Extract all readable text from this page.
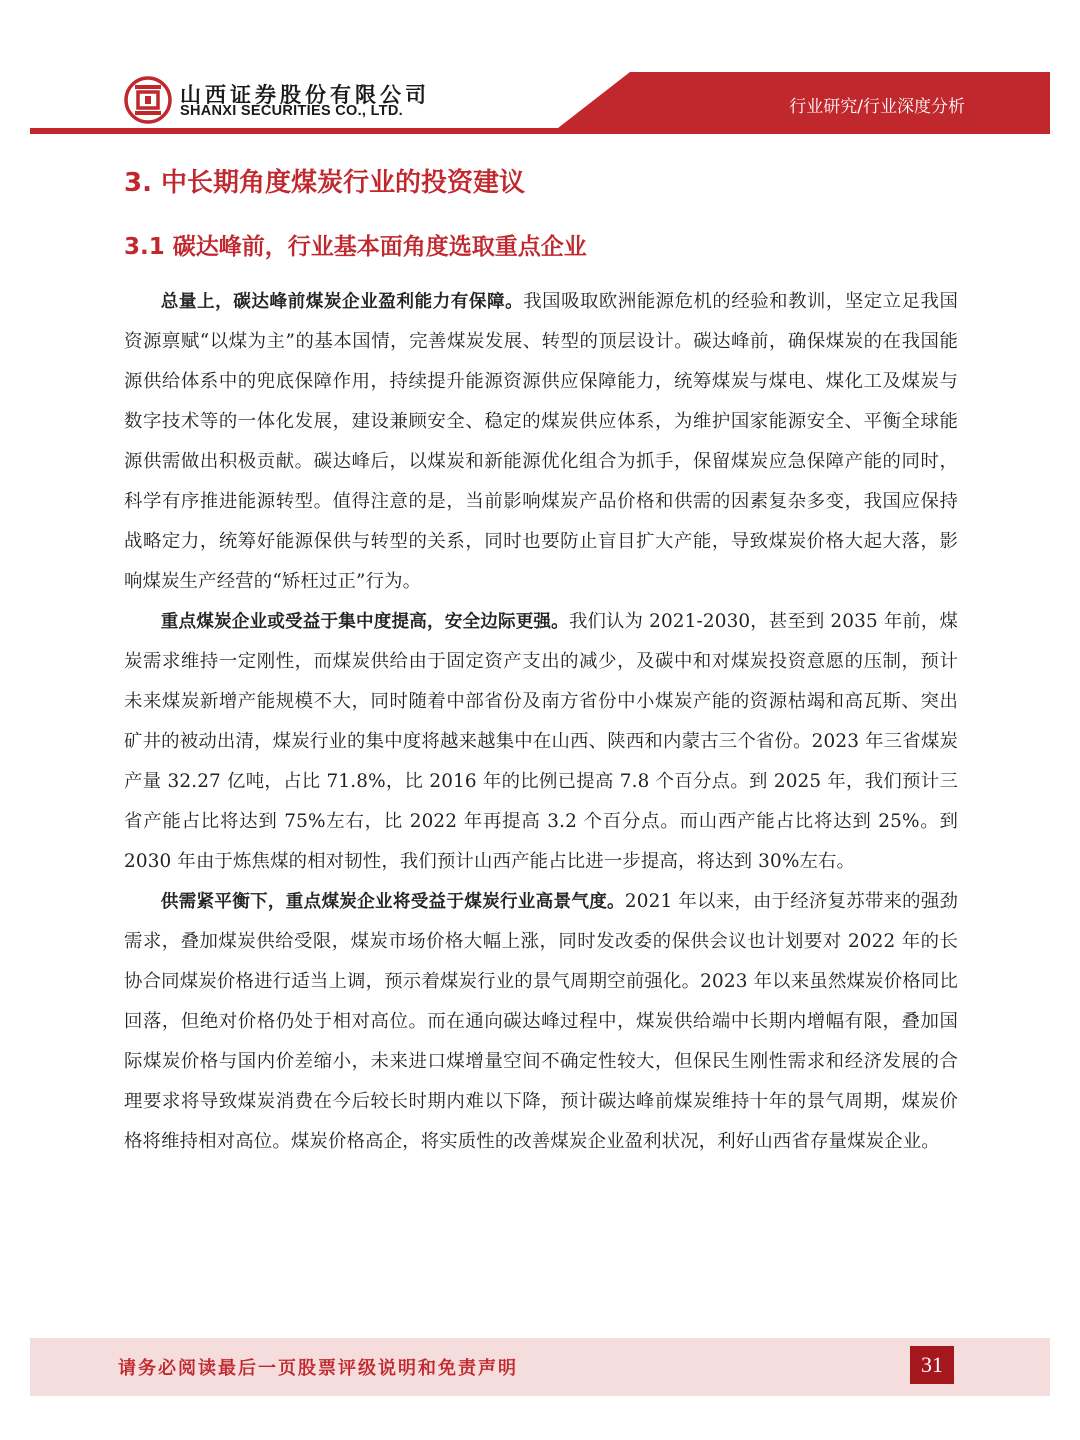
山西证券股份有限公司
SHANXI SECURITIES CO., LTD.	行业研究/行业深度分析
3. 中长期角度煤炭行业的投资建议
3.1 碳达峰前，行业基本面角度选取重点企业

总量上，碳达峰前煤炭企业盈利能力有保障。我国吸取欧洲能源危机的经验和教训，坚定立足我国资源禀赋“以煤为主”的基本国情，完善煤炭发展、转型的顶层设计。碳达峰前，确保煤炭的在我国能源供给体系中的兜底保障作用，持续提升能源资源供应保障能力，统筹煤炭与煤电、煤化工及煤炭与数字技术等的一体化发展，建设兼顾安全、稳定的煤炭供应体系，为维护国家能源安全、平衡全球能源供需做出积极贡献。碳达峰后，以煤炭和新能源优化组合为抓手，保留煤炭应急保障产能的同时，科学有序推进能源转型。值得注意的是，当前影响煤炭产品价格和供需的因素复杂多变，我国应保持战略定力，统筹好能源保供与转型的关系，同时也要防止盲目扩大产能，导致煤炭价格大起大落，影响煤炭生产经营的“矫枉过正”行为。

重点煤炭企业或受益于集中度提高，安全边际更强。我们认为 2021-2030，甚至到 2035 年前，煤炭需求维持一定刚性，而煤炭供给由于固定资产支出的减少，及碳中和对煤炭投资意愿的压制，预计未来煤炭新增产能规模不大，同时随着中部省份及南方省份中小煤炭产能的资源枯竭和高瓦斯、突出矿井的被动出清，煤炭行业的集中度将越来越集中在山西、陕西和内蒙古三个省份。2023 年三省煤炭产量 32.27 亿吨，占比 71.8%，比 2016 年的比例已提高 7.8 个百分点。到 2025 年，我们预计三省产能占比将达到 75%左右，比 2022 年再提高 3.2 个百分点。而山西产能占比将达到 25%。到 2030 年由于炼焦煤的相对韧性，我们预计山西产能占比进一步提高，将达到 30%左右。

供需紧平衡下，重点煤炭企业将受益于煤炭行业高景气度。2021 年以来，由于经济复苏带来的强劲需求，叠加煤炭供给受限，煤炭市场价格大幅上涨，同时发改委的保供会议也计划要对 2022 年的长协合同煤炭价格进行适当上调，预示着煤炭行业的景气周期空前强化。2023 年以来虽然煤炭价格同比回落，但绝对价格仍处于相对高位。而在通向碳达峰过程中，煤炭供给端中长期内增幅有限，叠加国际煤炭价格与国内价差缩小，未来进口煤增量空间不确定性较大，但保民生刚性需求和经济发展的合理要求将导致煤炭消费在今后较长时期内难以下降，预计碳达峰前煤炭维持十年的景气周期，煤炭价格将维持相对高位。煤炭价格高企，将实质性的改善煤炭企业盈利状况，利好山西省存量煤炭企业。

请务必阅读最后一页股票评级说明和免责声明	31
